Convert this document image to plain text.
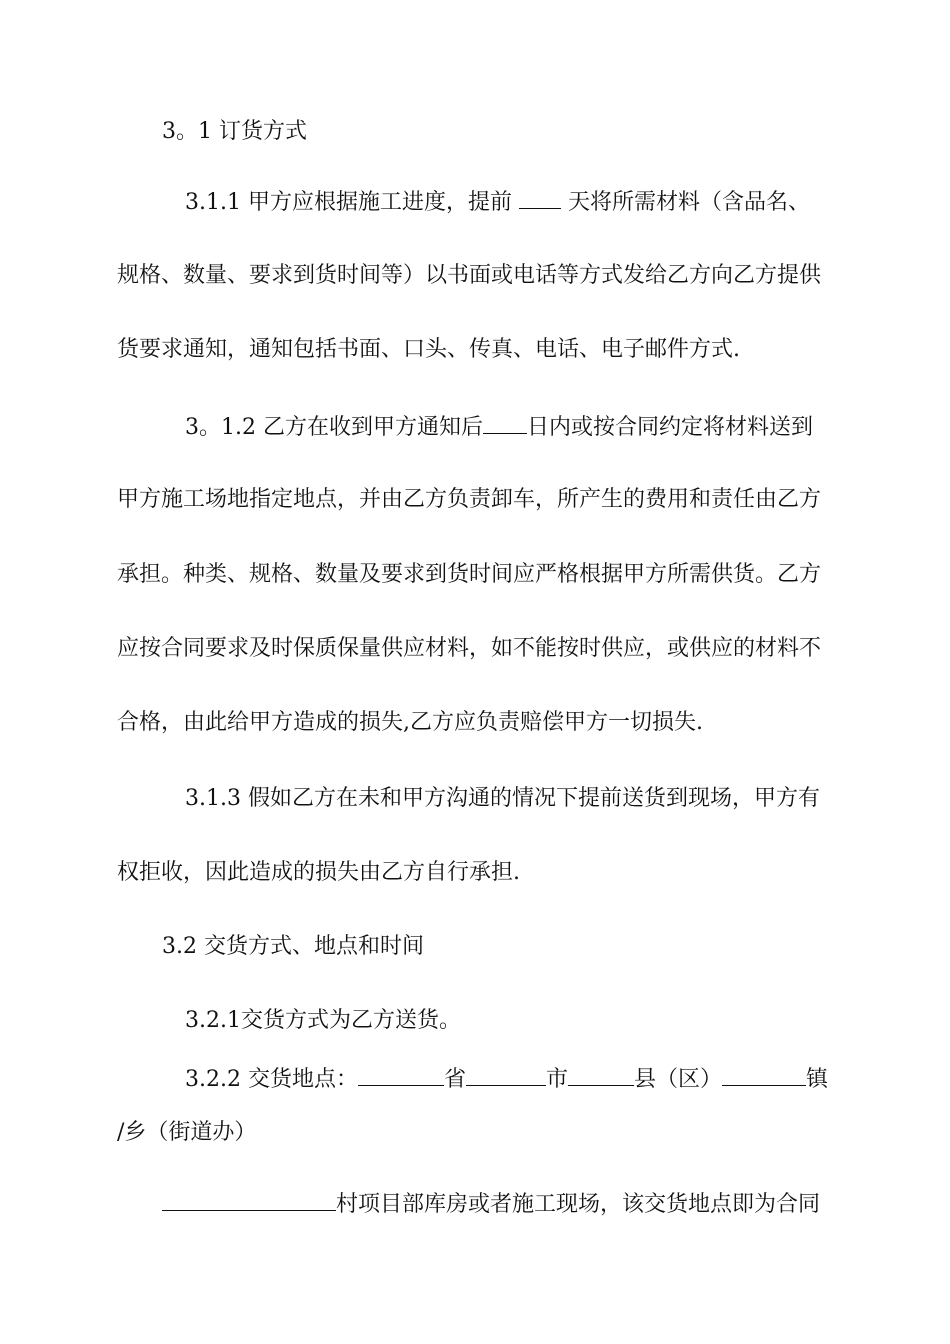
3。1 订货方式
3.1.1 甲方应根据施工进度，提前  天将所需材料（含品名、
规格、数量、要求到货时间等）以书面或电话等方式发给乙方向乙方提供
货要求通知，通知包括书面、口头、传真、电话、电子邮件方式.
3。1.2 乙方在收到甲方通知后 日内或按合同约定将材料送到
甲方施工场地指定地点，并由乙方负责卸车，所产生的费用和责任由乙方
承担。种类、规格、数量及要求到货时间应严格根据甲方所需供货。乙方
应按合同要求及时保质保量供应材料，如不能按时供应，或供应的材料不
合格，由此给甲方造成的损失,乙方应负责赔偿甲方一切损失.
3.1.3 假如乙方在未和甲方沟通的情况下提前送货到现场，甲方有
权拒收，因此造成的损失由乙方自行承担.
3.2 交货方式、地点和时间
3.2.1交货方式为乙方送货。
3.2.2 交货地点：	省	市	县（区）	镇
/乡（街道办）
村项目部库房或者施工现场，该交货地点即为合同
